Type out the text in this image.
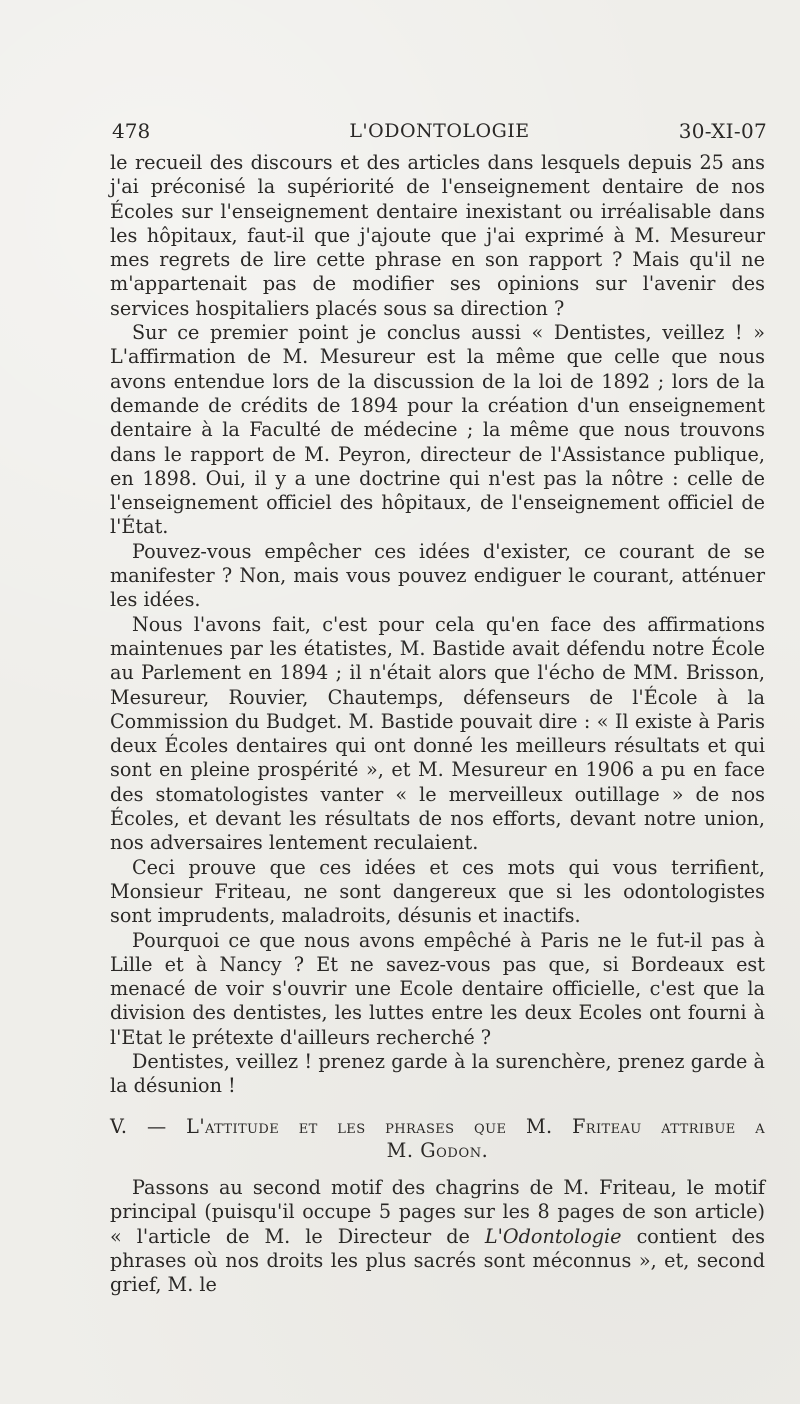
478	L'ODONTOLOGIE	30-XI-07

le recueil des discours et des articles dans lesquels depuis 25 ans j'ai préconisé la supériorité de l'enseignement dentaire de nos Écoles sur l'enseignement dentaire inexistant ou irréalisable dans les hôpitaux, faut-il que j'ajoute que j'ai exprimé à M. Mesureur mes regrets de lire cette phrase en son rapport ? Mais qu'il ne m'appartenait pas de modifier ses opinions sur l'avenir des services hospitaliers placés sous sa direction ?

Sur ce premier point je conclus aussi « Dentistes, veillez ! » L'affirmation de M. Mesureur est la même que celle que nous avons entendue lors de la discussion de la loi de 1892 ; lors de la demande de crédits de 1894 pour la création d'un enseignement dentaire à la Faculté de médecine ; la même que nous trouvons dans le rapport de M. Peyron, directeur de l'Assistance publique, en 1898. Oui, il y a une doctrine qui n'est pas la nôtre : celle de l'enseignement officiel des hôpitaux, de l'enseignement officiel de l'État.

Pouvez-vous empêcher ces idées d'exister, ce courant de se manifester ? Non, mais vous pouvez endiguer le courant, atténuer les idées.

Nous l'avons fait, c'est pour cela qu'en face des affirmations maintenues par les étatistes, M. Bastide avait défendu notre École au Parlement en 1894 ; il n'était alors que l'écho de MM. Brisson, Mesureur, Rouvier, Chautemps, défenseurs de l'École à la Commission du Budget. M. Bastide pouvait dire : « Il existe à Paris deux Écoles dentaires qui ont donné les meilleurs résultats et qui sont en pleine prospérité », et M. Mesureur en 1906 a pu en face des stomatologistes vanter « le merveilleux outillage » de nos Écoles, et devant les résultats de nos efforts, devant notre union, nos adversaires lentement reculaient.

Ceci prouve que ces idées et ces mots qui vous terrifient, Monsieur Friteau, ne sont dangereux que si les odontologistes sont imprudents, maladroits, désunis et inactifs.

Pourquoi ce que nous avons empêché à Paris ne le fut-il pas à Lille et à Nancy ? Et ne savez-vous pas que, si Bordeaux est menacé de voir s'ouvrir une Ecole dentaire officielle, c'est que la division des dentistes, les luttes entre les deux Ecoles ont fourni à l'Etat le prétexte d'ailleurs recherché ?

Dentistes, veillez ! prenez garde à la surenchère, prenez garde à la désunion !

V. — L'attitude et les phrases que M. Friteau attribue a
M. Godon.

Passons au second motif des chagrins de M. Friteau, le motif principal (puisqu'il occupe 5 pages sur les 8 pages de son article) « l'article de M. le Directeur de L'Odontologie contient des phrases où nos droits les plus sacrés sont méconnus », et, second grief, M. le
